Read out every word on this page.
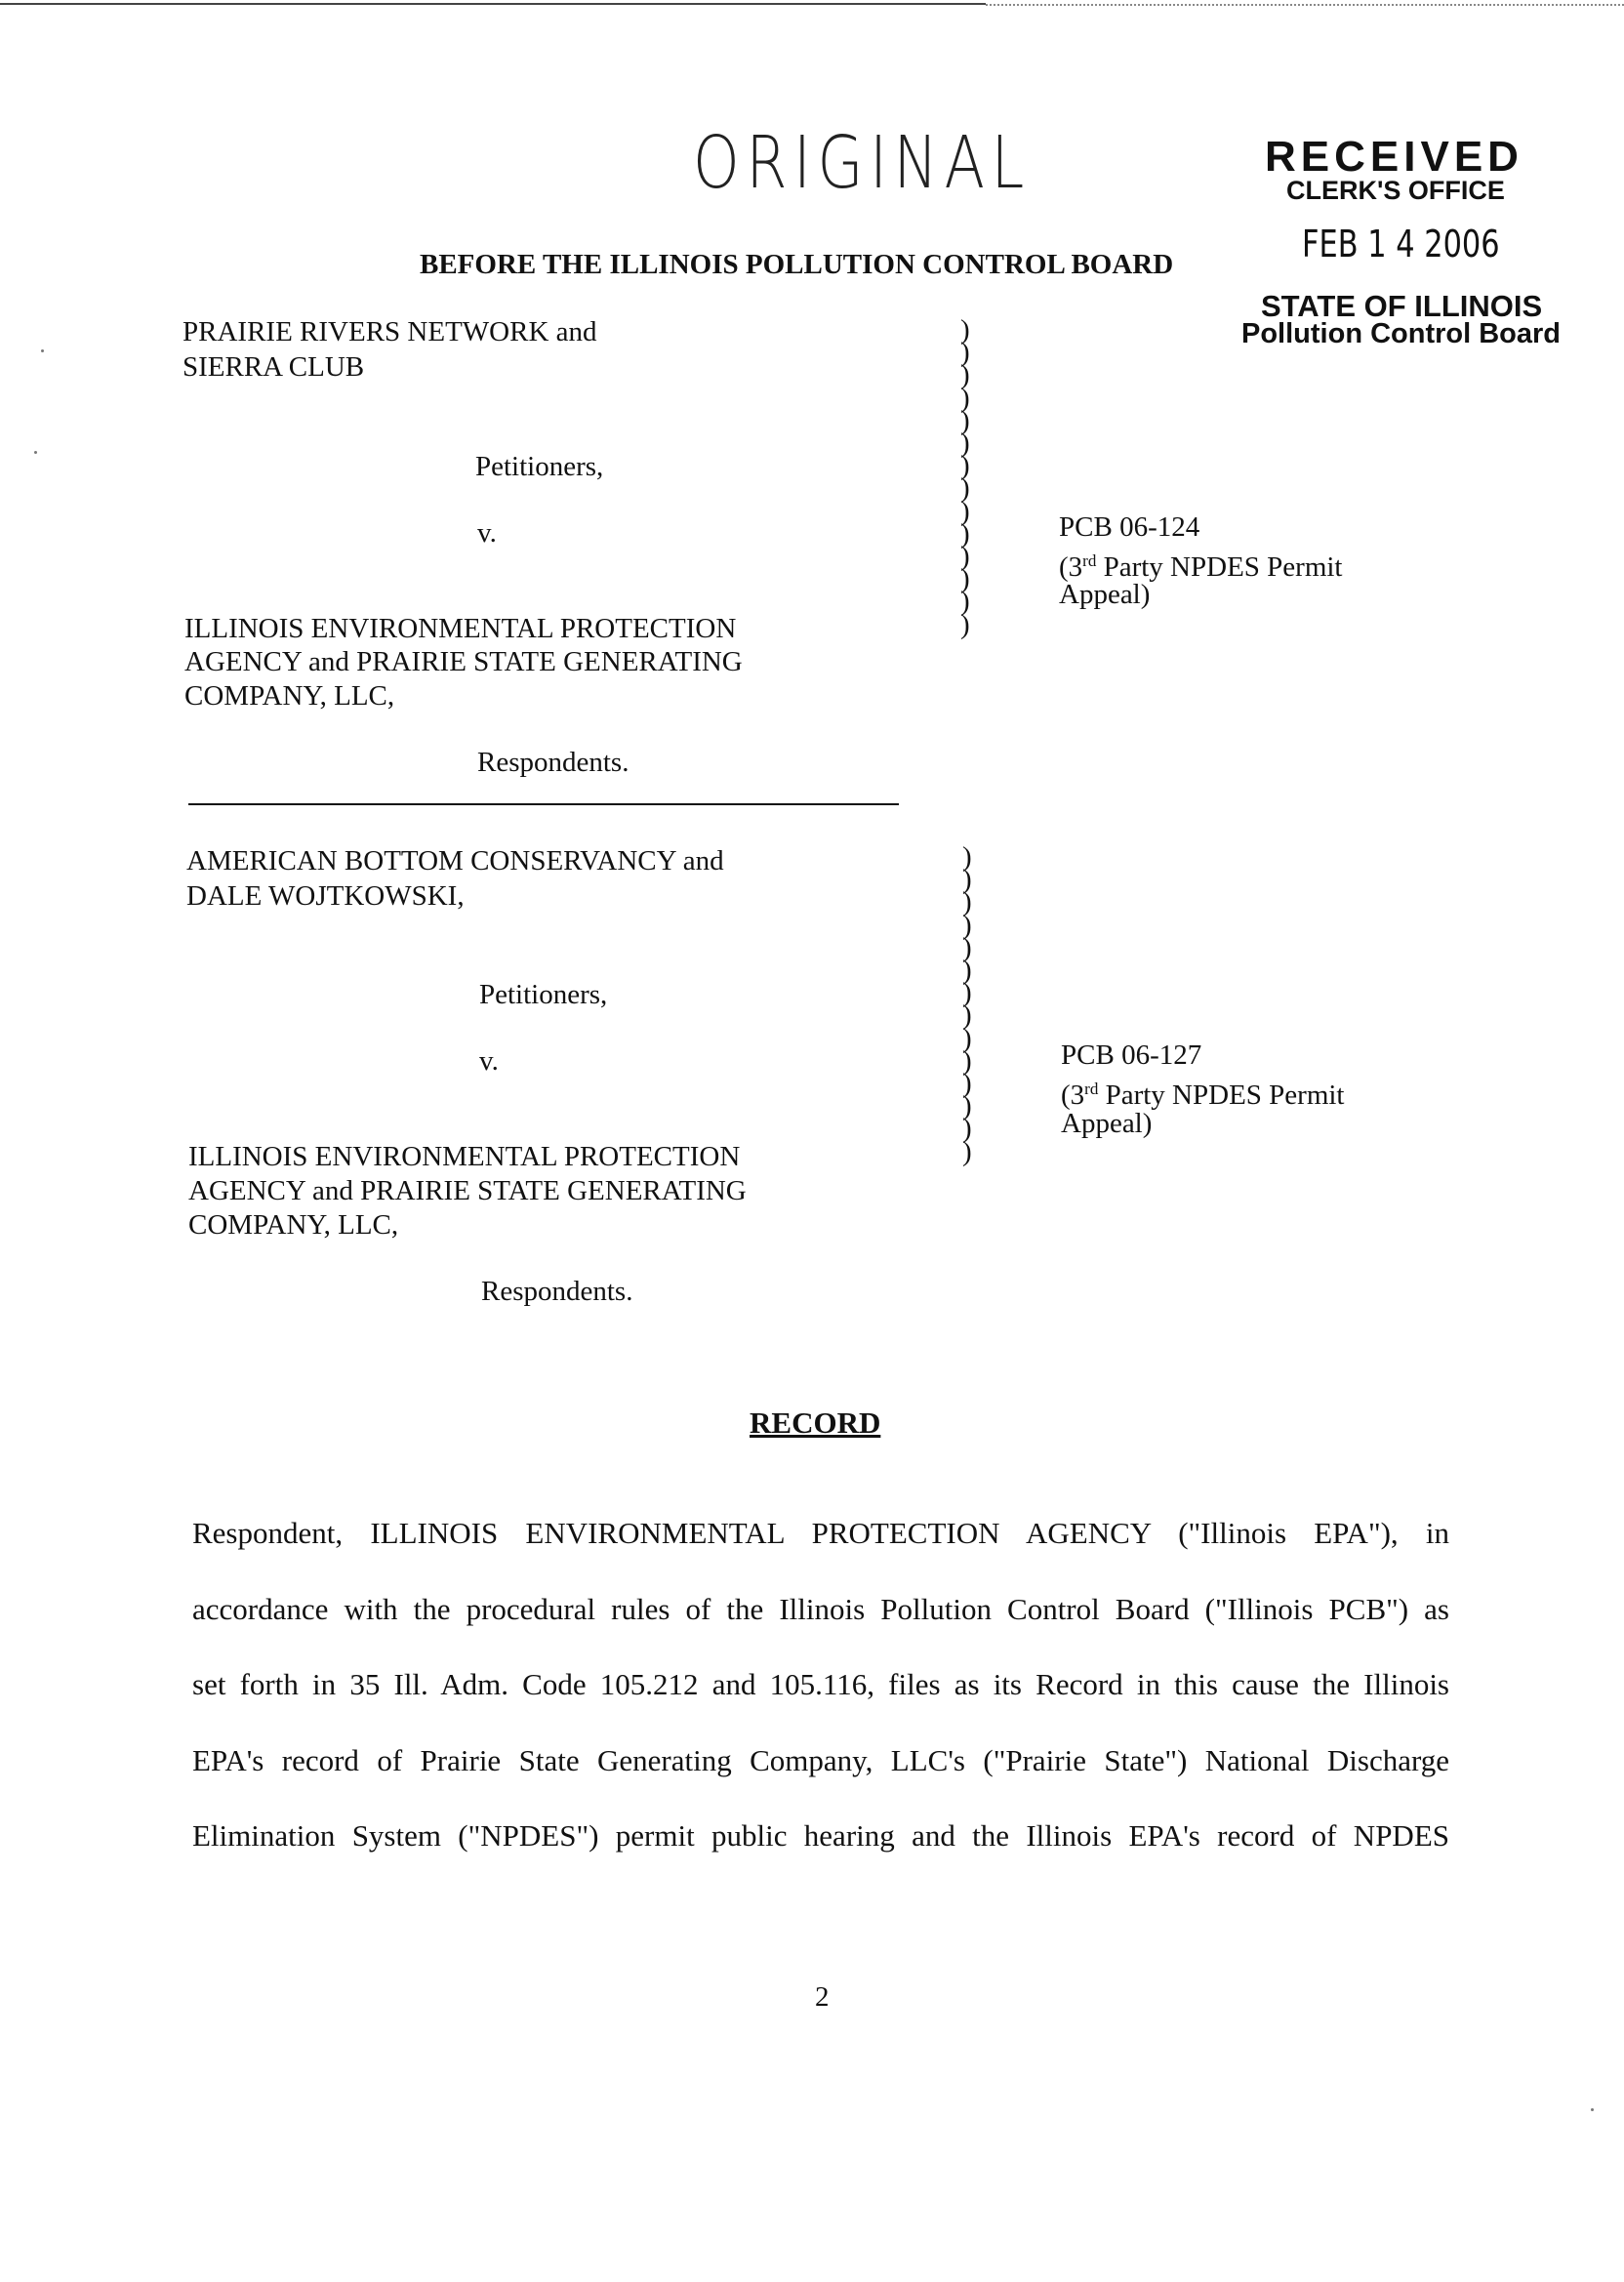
ORIGINAL	RECEIVED
CLERK'S OFFICE
FEB 1 4 2006
STATE OF ILLINOIS
Pollution Control Board
BEFORE THE ILLINOIS POLLUTION CONTROL BOARD
PRAIRIE RIVERS NETWORK and
SIERRA CLUB
Petitioners,
v.
ILLINOIS ENVIRONMENTAL PROTECTION
AGENCY and PRAIRIE STATE GENERATING
COMPANY, LLC,
Respondents.
)
)
)
)
)
)
)
)
)
)
)
)
)
)
PCB 06-124
(3rd Party NPDES Permit
Appeal)
AMERICAN BOTTOM CONSERVANCY and
DALE WOJTKOWSKI,
Petitioners,
v.
ILLINOIS ENVIRONMENTAL PROTECTION
AGENCY and PRAIRIE STATE GENERATING
COMPANY, LLC,
Respondents.
)
)
)
)
)
)
)
)
)
)
)
)
)
)
PCB 06-127
(3rd Party NPDES Permit
Appeal)
RECORD
Respondent, ILLINOIS ENVIRONMENTAL PROTECTION AGENCY ("Illinois EPA"), in
accordance with the procedural rules of the Illinois Pollution Control Board ("Illinois PCB") as
set forth in 35 Ill. Adm. Code 105.212 and 105.116, files as its Record in this cause the Illinois
EPA's record of Prairie State Generating Company, LLC's ("Prairie State") National Discharge
Elimination System ("NPDES") permit public hearing and the Illinois EPA's record of NPDES
2
